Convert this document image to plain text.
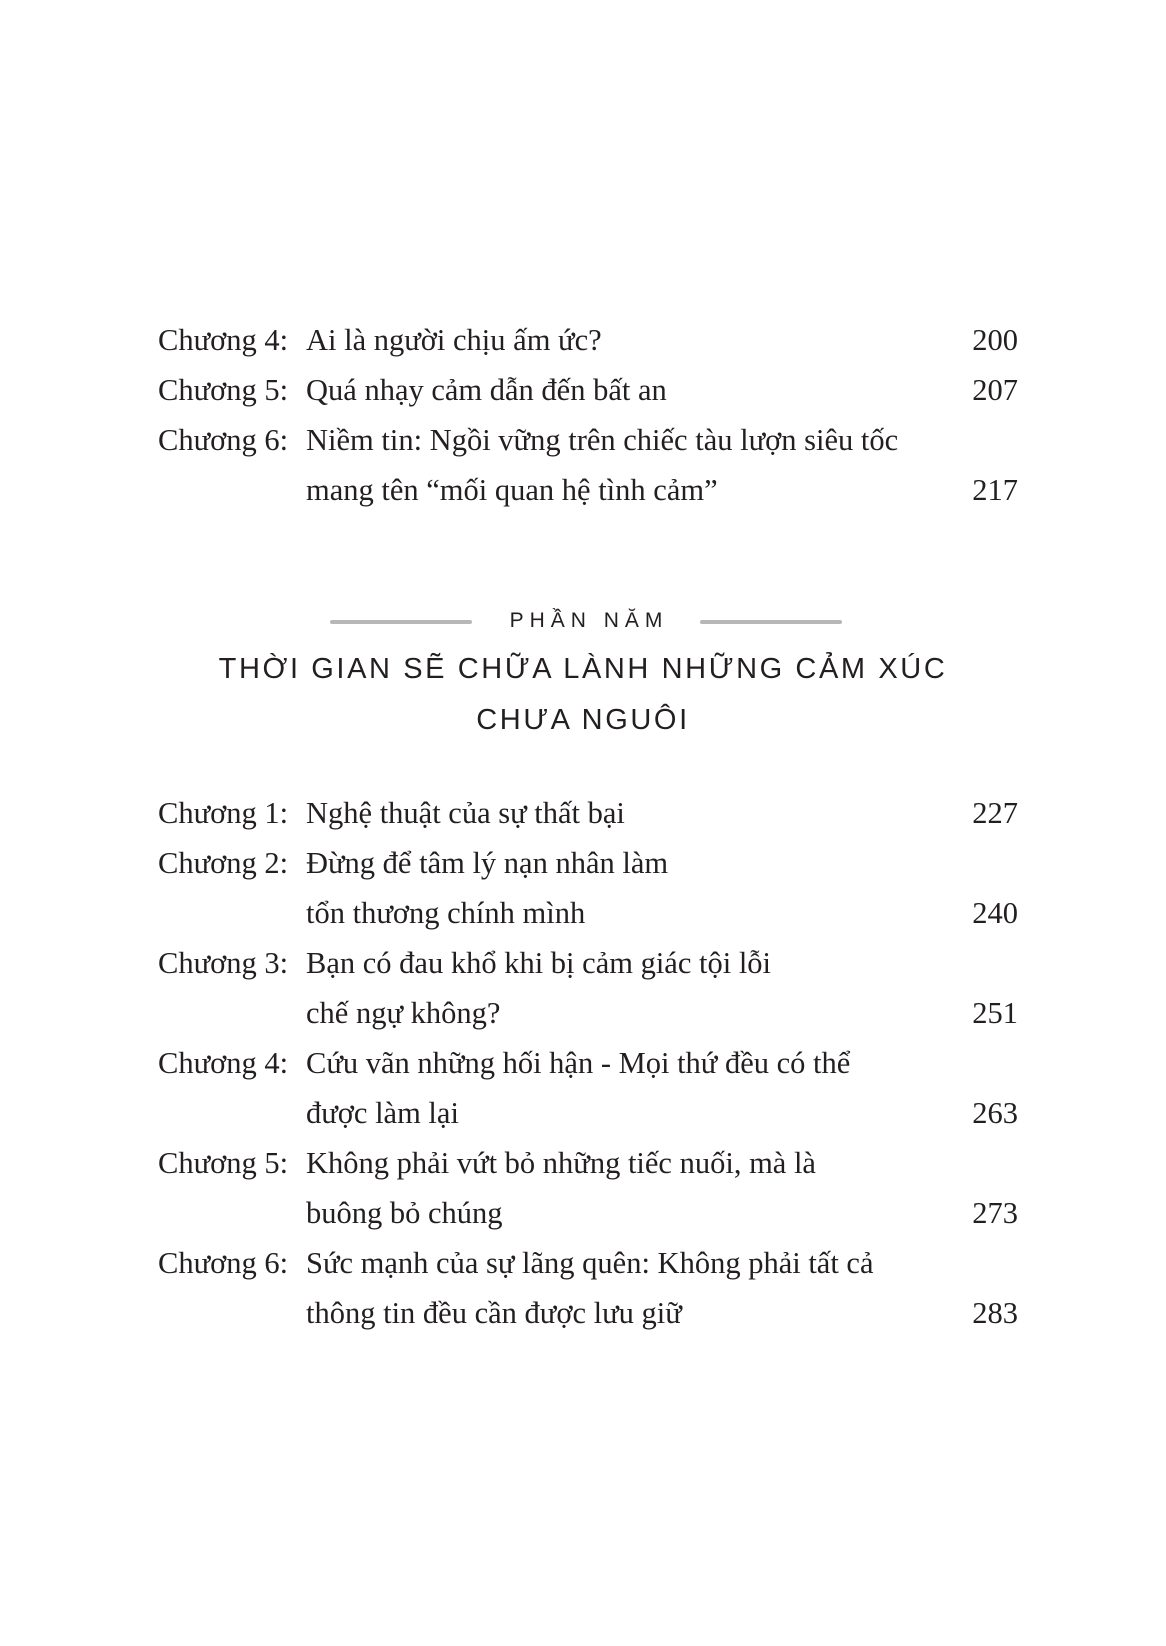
Chương 4: Ai là người chịu ấm ức?	200
Chương 5: Quá nhạy cảm dẫn đến bất an	207
Chương 6: Niềm tin: Ngồi vững trên chiếc tàu lượn siêu tốc
mang tên “mối quan hệ tình cảm”	217
PHẦN NĂM
THỜI GIAN SẼ CHỮA LÀNH NHỮNG CẢM XÚC
CHƯA NGUÔI
Chương 1: Nghệ thuật của sự thất bại	227
Chương 2: Đừng để tâm lý nạn nhân làm
tổn thương chính mình	240
Chương 3: Bạn có đau khổ khi bị cảm giác tội lỗi
chế ngự không?	251
Chương 4: Cứu vãn những hối hận - Mọi thứ đều có thể
được làm lại	263
Chương 5: Không phải vứt bỏ những tiếc nuối, mà là
buông bỏ chúng	273
Chương 6: Sức mạnh của sự lãng quên: Không phải tất cả
thông tin đều cần được lưu giữ	283
